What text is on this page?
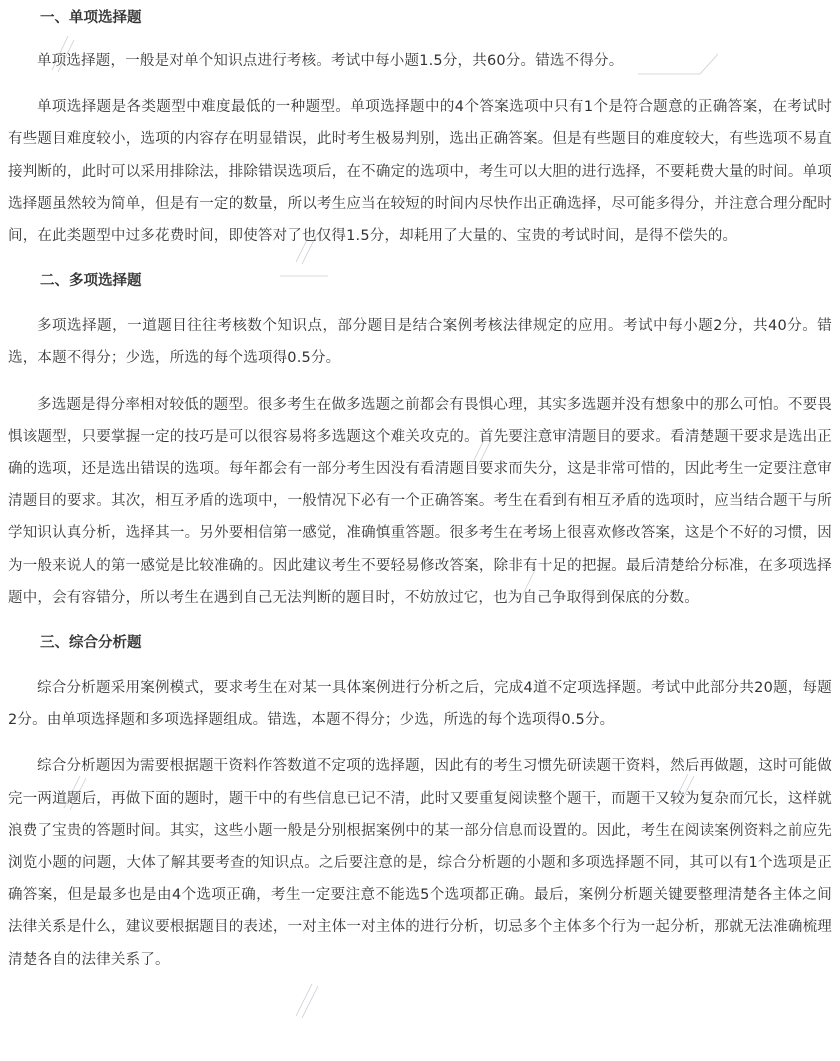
一、单项选择题

单项选择题，一般是对单个知识点进行考核。考试中每小题1.5分，共60分。错选不得分。

单项选择题是各类题型中难度最低的一种题型。单项选择题中的4个答案选项中只有1个是符合题意的正确答案，在考试时有些题目难度较小，选项的内容存在明显错误，此时考生极易判别，选出正确答案。但是有些题目的难度较大，有些选项不易直接判断的，此时可以采用排除法，排除错误选项后，在不确定的选项中，考生可以大胆的进行选择，不要耗费大量的时间。单项选择题虽然较为简单，但是有一定的数量，所以考生应当在较短的时间内尽快作出正确选择，尽可能多得分，并注意合理分配时间，在此类题型中过多花费时间，即使答对了也仅得1.5分，却耗用了大量的、宝贵的考试时间，是得不偿失的。

二、多项选择题

多项选择题，一道题目往往考核数个知识点，部分题目是结合案例考核法律规定的应用。考试中每小题2分，共40分。错选，本题不得分；少选，所选的每个选项得0.5分。

多选题是得分率相对较低的题型。很多考生在做多选题之前都会有畏惧心理，其实多选题并没有想象中的那么可怕。不要畏惧该题型，只要掌握一定的技巧是可以很容易将多选题这个难关攻克的。首先要注意审清题目的要求。看清楚题干要求是选出正确的选项，还是选出错误的选项。每年都会有一部分考生因没有看清题目要求而失分，这是非常可惜的，因此考生一定要注意审清题目的要求。其次，相互矛盾的选项中，一般情况下必有一个正确答案。考生在看到有相互矛盾的选项时，应当结合题干与所学知识认真分析，选择其一。另外要相信第一感觉，准确慎重答题。很多考生在考场上很喜欢修改答案，这是个不好的习惯，因为一般来说人的第一感觉是比较准确的。因此建议考生不要轻易修改答案，除非有十足的把握。最后清楚给分标准，在多项选择题中，会有容错分，所以考生在遇到自己无法判断的题目时，不妨放过它，也为自己争取得到保底的分数。

三、综合分析题

综合分析题采用案例模式，要求考生在对某一具体案例进行分析之后，完成4道不定项选择题。考试中此部分共20题，每题2分。由单项选择题和多项选择题组成。错选，本题不得分；少选，所选的每个选项得0.5分。

综合分析题因为需要根据题干资料作答数道不定项的选择题，因此有的考生习惯先研读题干资料，然后再做题，这时可能做完一两道题后，再做下面的题时，题干中的有些信息已记不清，此时又要重复阅读整个题干，而题干又较为复杂而冗长，这样就浪费了宝贵的答题时间。其实，这些小题一般是分别根据案例中的某一部分信息而设置的。因此，考生在阅读案例资料之前应先浏览小题的问题，大体了解其要考查的知识点。之后要注意的是，综合分析题的小题和多项选择题不同，其可以有1个选项是正确答案，但是最多也是由4个选项正确，考生一定要注意不能选5个选项都正确。最后，案例分析题关键要整理清楚各主体之间法律关系是什么，建议要根据题目的表述，一对主体一对主体的进行分析，切忌多个主体多个行为一起分析，那就无法准确梳理清楚各自的法律关系了。
